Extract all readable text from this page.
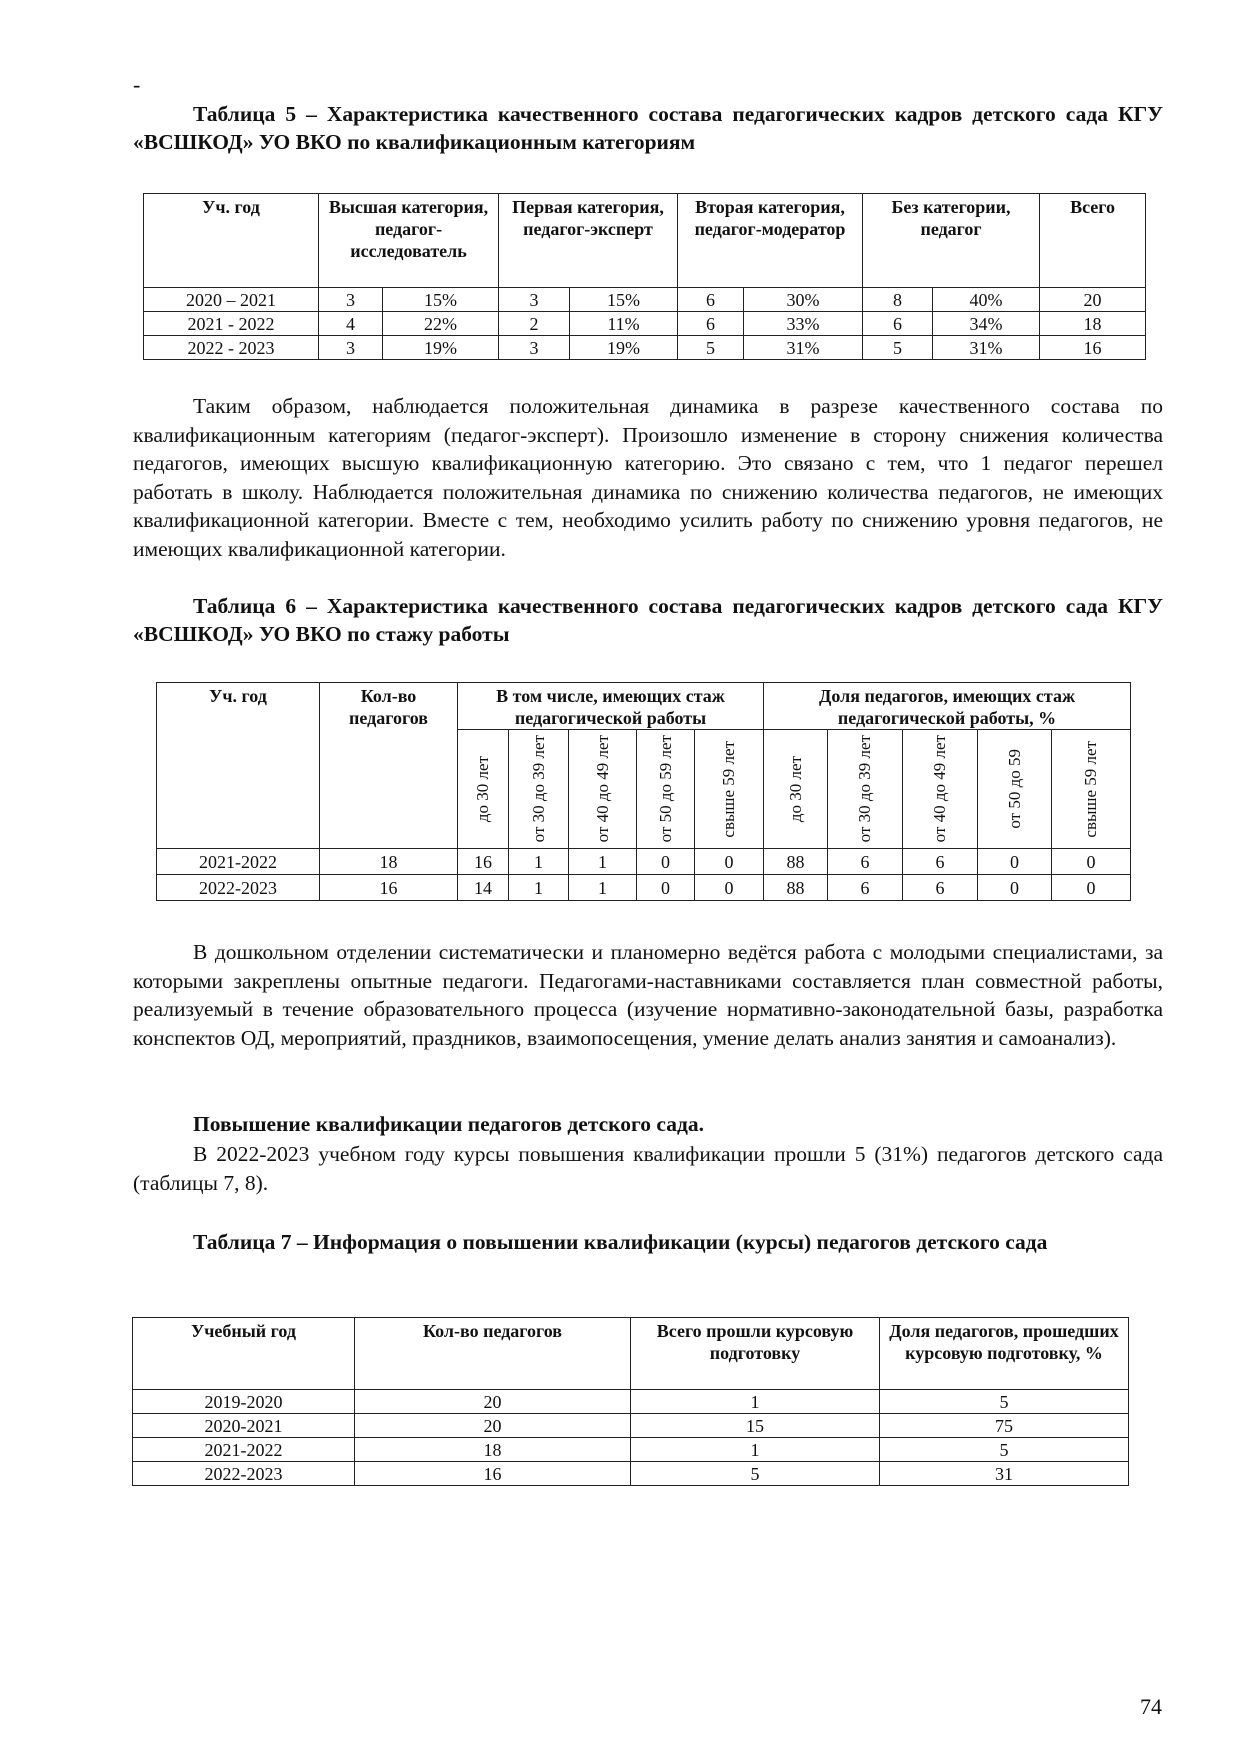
-
Таблица 5 – Характеристика качественного состава педагогических кадров детского сада КГУ «ВСШКОД» УО ВКО по квалификационным категориям
Уч. год	Высшая категория, педагог-исследователь		Первая категория, педагог-эксперт		Вторая категория, педагог-модератор		Без категории, педагог		Всего
2020 – 2021	3	15%	3	15%	6	30%	8	40%	20
2021 - 2022	4	22%	2	11%	6	33%	6	34%	18
2022 - 2023	3	19%	3	19%	5	31%	5	31%	16
Таким образом, наблюдается положительная динамика в разрезе качественного состава по квалификационным категориям (педагог-эксперт). Произошло изменение в сторону снижения количества педагогов, имеющих высшую квалификационную категорию. Это связано с тем, что 1 педагог перешел работать в школу. Наблюдается положительная динамика по снижению количества педагогов, не имеющих квалификационной категории. Вместе с тем, необходимо усилить работу по снижению уровня педагогов, не имеющих квалификационной категории.
Таблица 6 – Характеристика качественного состава педагогических кадров детского сада КГУ «ВСШКОД» УО ВКО по стажу работы
Уч. год	Кол-во педагогов	В том числе, имеющих стаж педагогической работы					Доля педагогов, имеющих стаж педагогической работы, %				

		до 30 лет	от 30 до 39 лет	от 40 до 49 лет	от 50 до 59 лет	свыше 59 лет	до 30 лет	от 30 до 39 лет	от 40 до 49 лет	от 50 до 59	свыше 59 лет

2021-2022	18	16	1	1	0	0	88	6	6	0	0
2022-2023	16	14	1	1	0	0	88	6	6	0	0
В дошкольном отделении систематически и планомерно ведётся работа с молодыми специалистами, за которыми закреплены опытные педагоги. Педагогами-наставниками составляется план совместной работы, реализуемый в течение образовательного процесса (изучение нормативно-законодательной базы, разработка конспектов ОД, мероприятий, праздников, взаимопосещения, умение делать анализ занятия и самоанализ).
Повышение квалификации педагогов детского сада.
В 2022-2023 учебном году курсы повышения квалификации прошли 5 (31%) педагогов детского сада (таблицы 7, 8).
Таблица 7 – Информация о повышении квалификации (курсы) педагогов детского сада
Учебный год	Кол-во педагогов	Всего прошли курсовую подготовку	Доля педагогов, прошедших курсовую подготовку, %
2019-2020	20	1	5
2020-2021	20	15	75
2021-2022	18	1	5
2022-2023	16	5	31
74
